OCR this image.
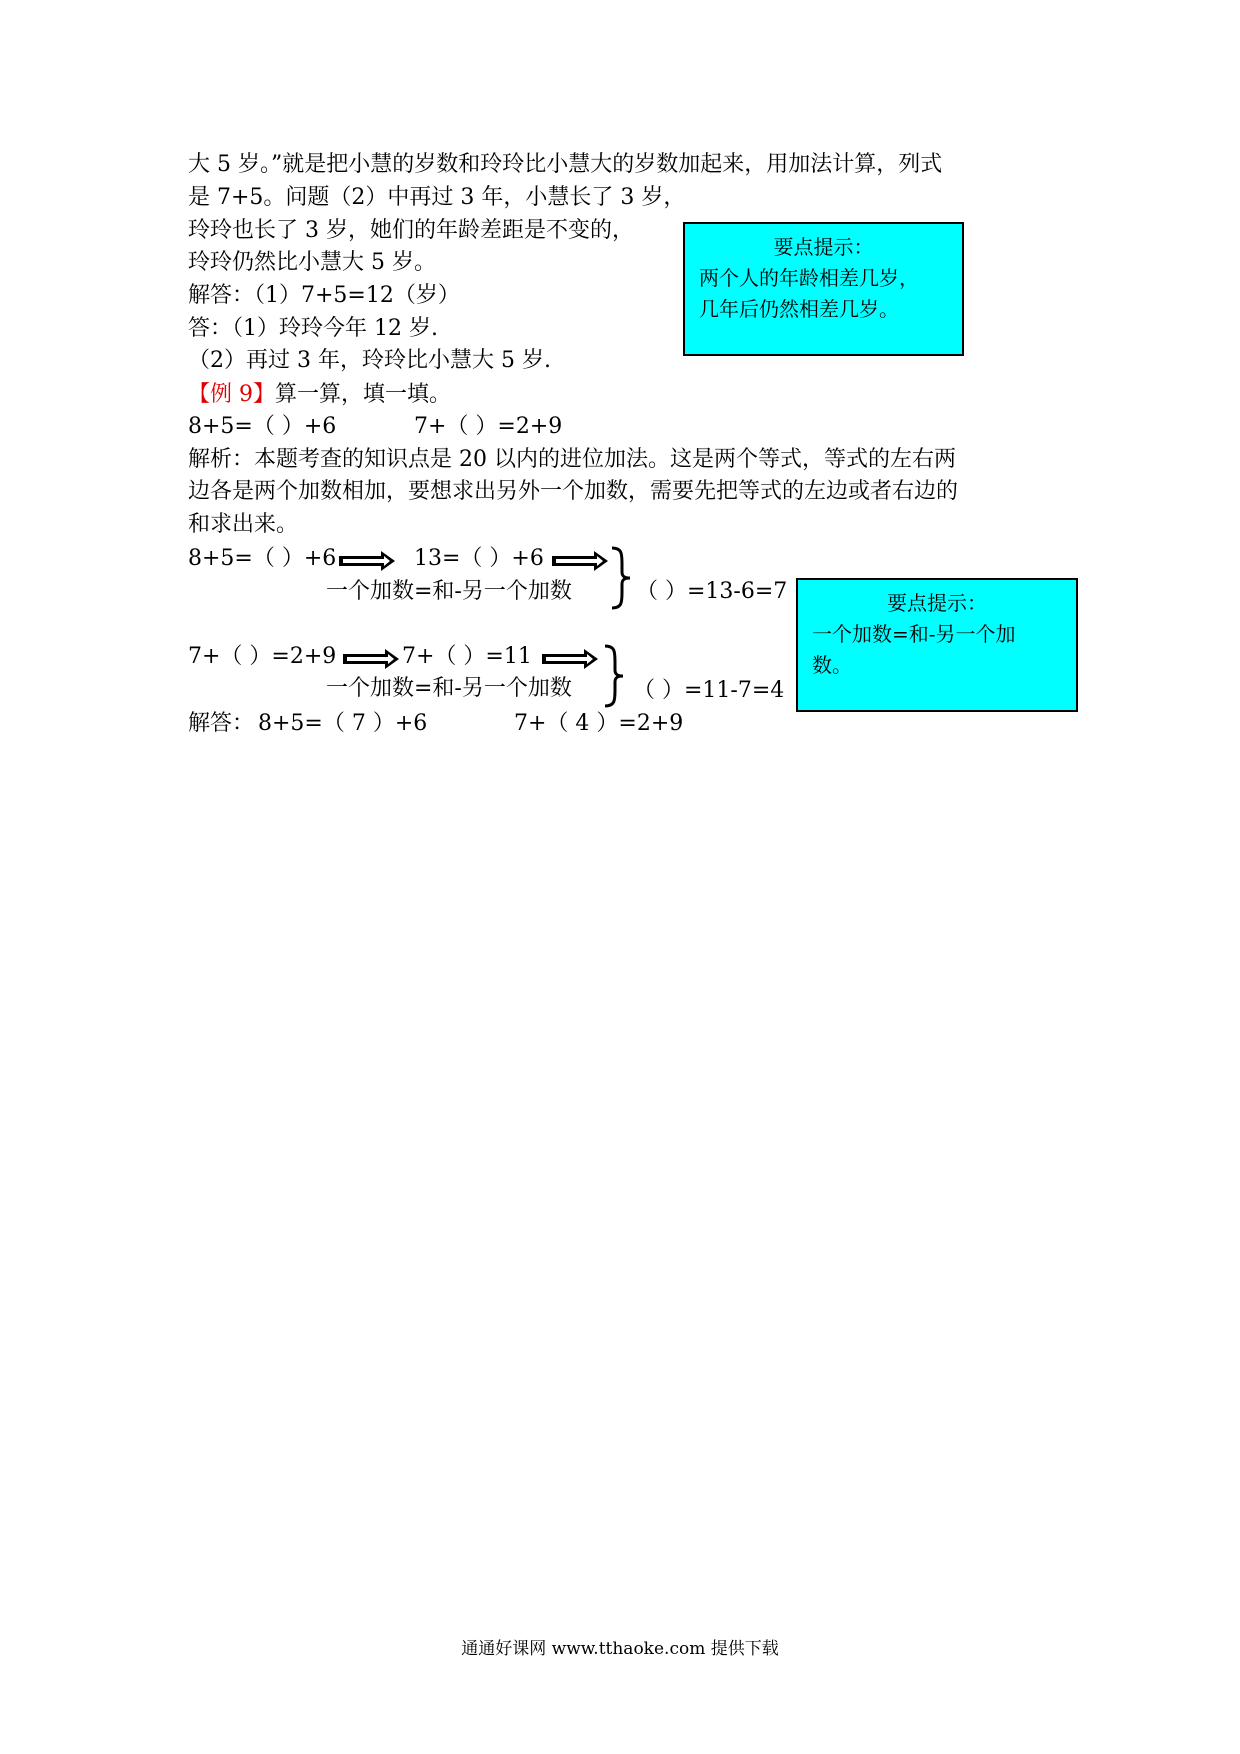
大 5 岁。”就是把小慧的岁数和玲玲比小慧大的岁数加起来，用加法计算，列式
是 7+5。问题（2）中再过 3 年，小慧长了 3 岁，
玲玲也长了 3 岁，她们的年龄差距是不变的，
玲玲仍然比小慧大 5 岁。
解答：（1）7+5=12（岁）
答：（1）玲玲今年 12 岁.
（2）再过 3 年，玲玲比小慧大 5 岁.
要点提示：
两个人的年龄相差几岁，
几年后仍然相差几岁。
【例 9】算一算，填一填。
8+5=（ ）+6	7+（ ）=2+9
解析：本题考查的知识点是 20 以内的进位加法。这是两个等式，等式的左右两
边各是两个加数相加，要想求出另外一个加数，需要先把等式的左边或者右边的
和求出来。
8+5=（ ）+6	13=（ ）+6
一个加数=和-另一个加数	（ ）=13-6=7
7+（ ）=2+9	7+（ ）=11
一个加数=和-另一个加数	（ ）=11-7=4
要点提示：
一个加数=和-另一个加
数。
解答： 8+5=（ 7 ）+6	7+（ 4 ）=2+9
通通好课网 www.tthaoke.com 提供下载
